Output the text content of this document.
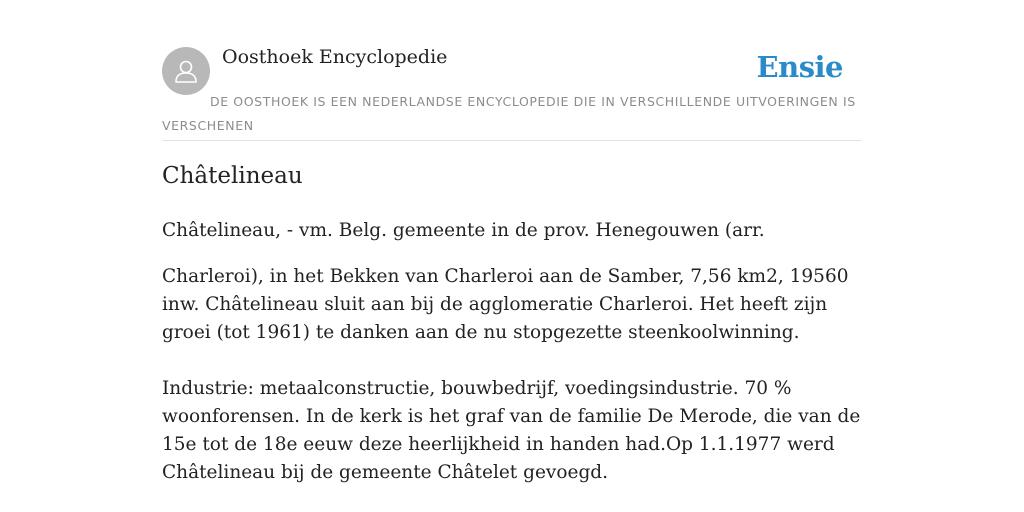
Oosthoek Encyclopedie	Ensie
DE OOSTHOEK IS EEN NEDERLANDSE ENCYCLOPEDIE DIE IN VERSCHILLENDE UITVOERINGEN IS VERSCHENEN
Châtelineau
Châtelineau, - vm. Belg. gemeente in de prov. Henegouwen (arr.

Charleroi), in het Bekken van Charleroi aan de Samber, 7,56 km2, 19560 inw. Châtelineau sluit aan bij de agglomeratie Charleroi. Het heeft zijn groei (tot 1961) te danken aan de nu stopgezette steenkoolwinning.

Industrie: metaalconstructie, bouwbedrijf, voedingsindustrie. 70 % woonforensen. In de kerk is het graf van de familie De Merode, die van de 15e tot de 18e eeuw deze heerlijkheid in handen had.Op 1.1.1977 werd Châtelineau bij de gemeente Châtelet gevoegd.
